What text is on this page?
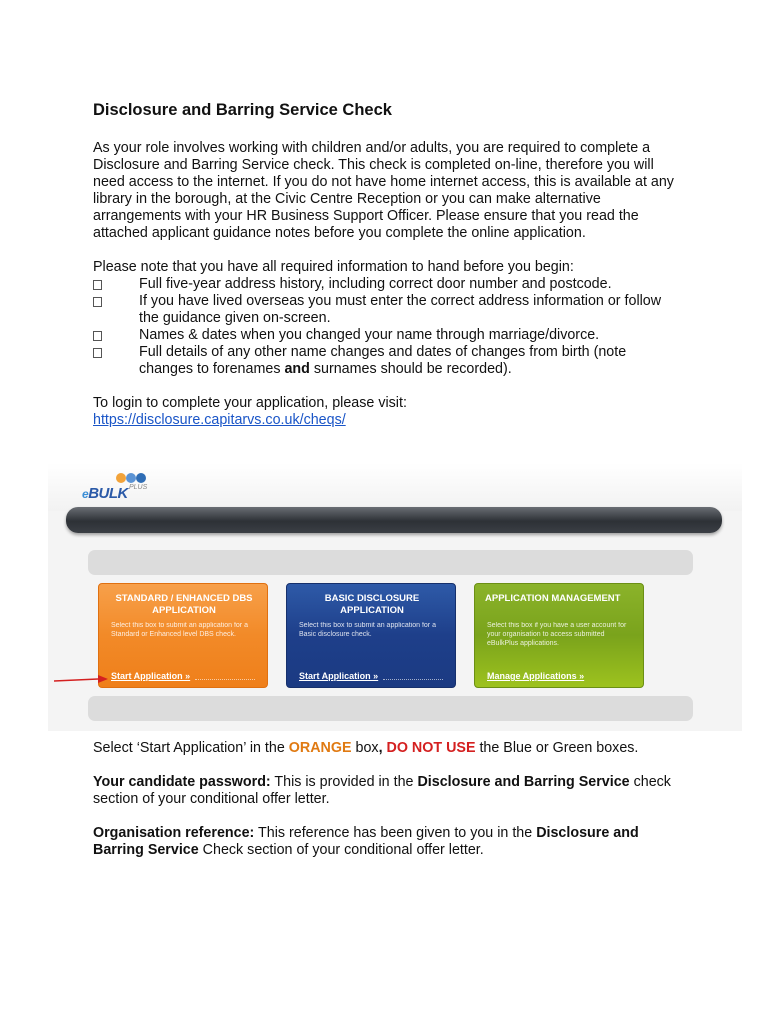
Disclosure and Barring Service Check

As your role involves working with children and/or adults, you are required to complete a Disclosure and Barring Service check. This check is completed on-line, therefore you will need access to the internet. If you do not have home internet access, this is available at any library in the borough, at the Civic Centre Reception or you can make alternative arrangements with your HR Business Support Officer. Please ensure that you read the attached applicant guidance notes before you complete the online application.

Please note that you have all required information to hand before you begin:

Full five-year address history, including correct door number and postcode.
If you have lived overseas you must enter the correct address information or follow the guidance given on-screen.
Names & dates when you changed your name through marriage/divorce.
Full details of any other name changes and dates of changes from birth (note changes to forenames and surnames should be recorded).

To login to complete your application, please visit:

https://disclosure.capitarvs.co.uk/cheqs/
eBULK PLUS
STANDARD / ENHANCED DBS APPLICATION
Select this box to submit an application for a Standard or Enhanced level DBS check.
Start Application »
BASIC DISCLOSURE APPLICATION
Select this box to submit an application for a Basic disclosure check.
Start Application »
APPLICATION MANAGEMENT
Select this box if you have a user account for your organisation to access submitted eBulkPlus applications.
Manage Applications »

Select ‘Start Application’ in the ORANGE box, DO NOT USE the Blue or Green boxes.

Your candidate password: This is provided in the Disclosure and Barring Service check section of your conditional offer letter.

Organisation reference: This reference has been given to you in the Disclosure and Barring Service Check section of your conditional offer letter.
